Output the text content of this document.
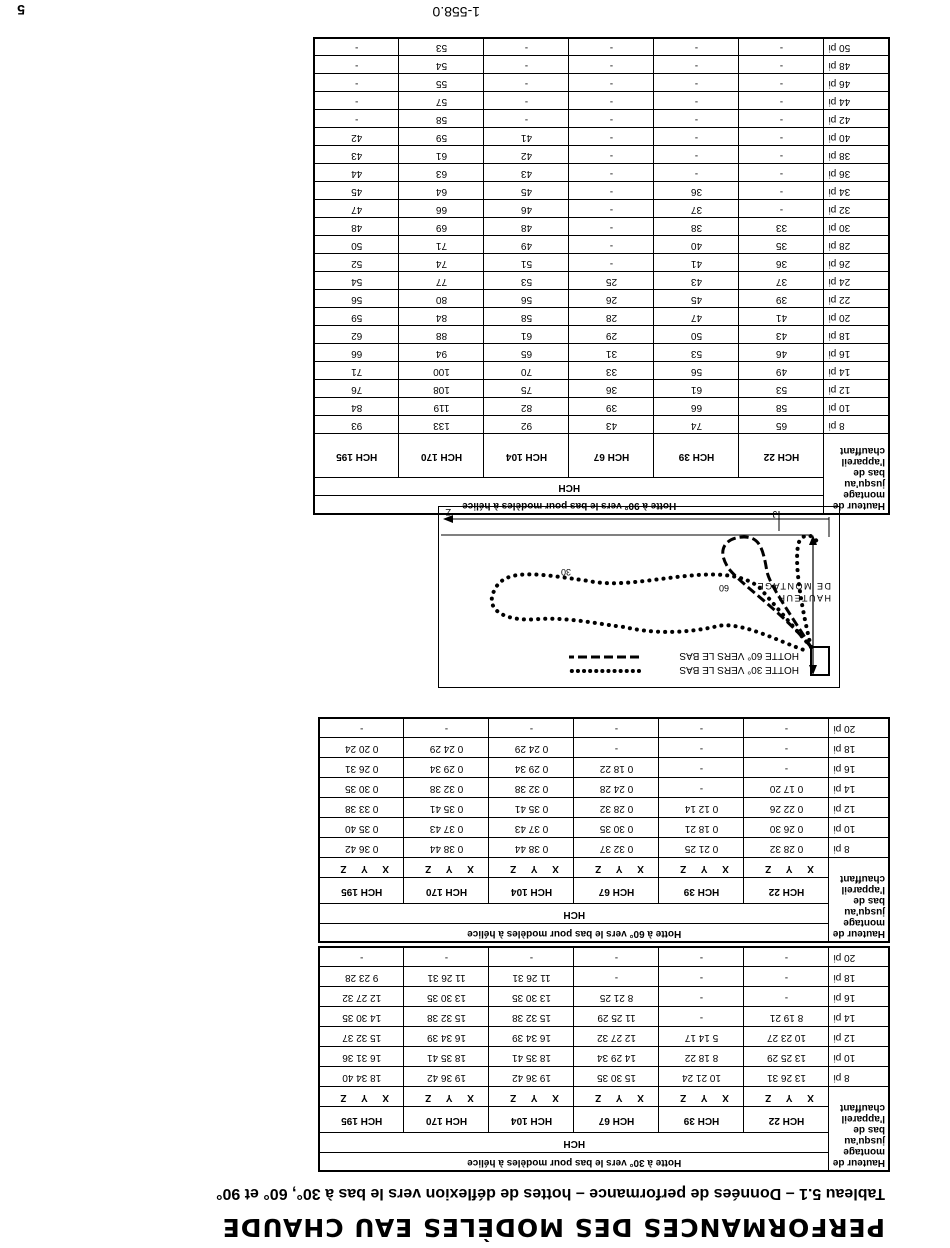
5	1-558.0
PERFORMANCES DES MODÈLES EAU CHAUDE
Tableau 5.1 – Données de performance – hottes de déflexion vers le bas à 30°, 60° et 90°
Hauteur de montage jusqu'au bas de l'appareil chauffant	Hotte à 30° vers le bas pour modèles à hélice					
	HCH					
	HCH 22	HCH 39	HCH 67	HCH 104	HCH 170	HCH 195
	X Y Z	X Y Z	X Y Z	X Y Z	X Y Z	X Y Z
8 pi	13 26 31	10 21 24	15 30 35	19 36 42	19 36 42	18 34 40
10 pi	13 25 29	8 18 22	14 29 34	18 35 41	18 35 41	16 31 36
12 pi	10 23 27	5 14 17	12 27 32	16 34 39	16 34 39	15 32 37
14 pi	8 19 21	-	11 25 29	15 32 38	15 32 38	14 30 35
16 pi	-	-	8 21 25	13 30 35	13 30 35	12 27 32
18 pi	-	-	-	11 26 31	11 26 31	9 23 28
20 pi	-	-	-	-	-	-
Hauteur de montage jusqu'au bas de l'appareil chauffant	Hotte à 60° vers le bas pour modèles à hélice					
	HCH					
	HCH 22	HCH 39	HCH 67	HCH 104	HCH 170	HCH 195
	X Y Z	X Y Z	X Y Z	X Y Z	X Y Z	X Y Z
8 pi	0 28 32	0 21 25	0 32 37	0 38 44	0 38 44	0 36 42
10 pi	0 26 30	0 18 21	0 30 35	0 37 43	0 37 43	0 35 40
12 pi	0 22 26	0 12 14	0 28 32	0 35 41	0 35 41	0 33 38
14 pi	0 17 20	-	0 24 28	0 32 38	0 32 38	0 30 35
16 pi	-	-	0 18 22	0 29 34	0 29 34	0 26 31
18 pi	-	-	-	0 24 29	0 24 29	0 20 24
20 pi	-	-	-	-	-	-
HAUTEUR
DE MONTAGE
30
60
HOTTE 30° VERS LE BAS
HOTTE 60° VERS LE BAS
Z	J
Hauteur de montage jusqu'au bas de l'appareil chauffant	Hotte à 90° vers le bas pour modèles à hélice					
	HCH					
	HCH 22	HCH 39	HCH 67	HCH 104	HCH 170	HCH 195
8 pi	65	74	43	92	133	93
10 pi	58	66	39	82	119	84
12 pi	53	61	36	75	108	76
14 pi	49	56	33	70	100	71
16 pi	46	53	31	65	94	66
18 pi	43	50	29	61	88	62
20 pi	41	47	28	58	84	59
22 pi	39	45	26	56	80	56
24 pi	37	43	25	53	77	54
26 pi	36	41	-	51	74	52
28 pi	35	40	-	49	71	50
30 pi	33	38	-	48	69	48
32 pi	-	37	-	46	66	47
34 pi	-	36	-	45	64	45
36 pi	-	-	-	43	63	44
38 pi	-	-	-	42	61	43
40 pi	-	-	-	41	59	42
42 pi	-	-	-	-	58	-
44 pi	-	-	-	-	57	-
46 pi	-	-	-	-	55	-
48 pi	-	-	-	-	54	-
50 pi	-	-	-	-	53	-
